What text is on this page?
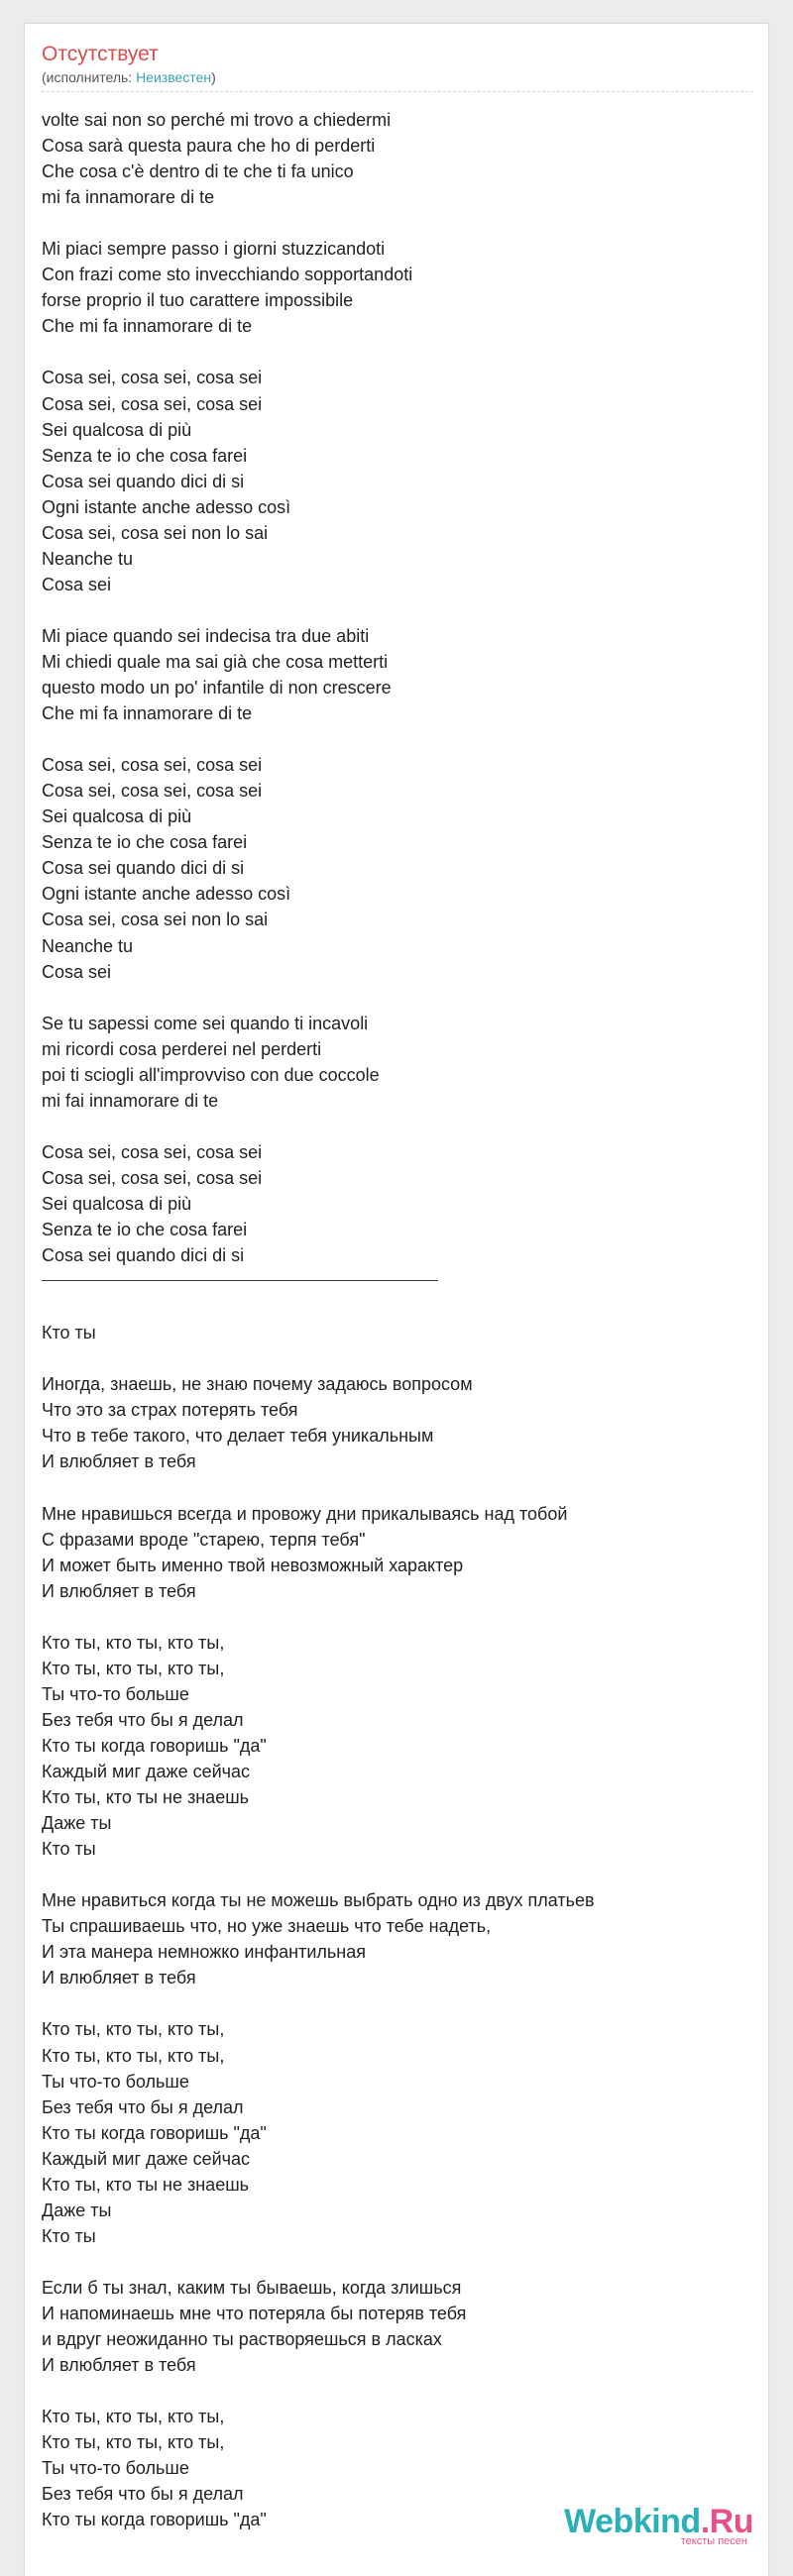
Отсутствует
(исполнитель: Неизвестен)
volte sai non so perché mi trovo a chiedermi
Cosa sarà questa paura che ho di perderti
Che cosa c'è dentro di te che ti fa unico
mi fa innamorare di te
Mi piaci sempre passo i giorni stuzzicandoti
Con frazi come sto invecchiando sopportandoti
forse proprio il tuo carattere impossibile
Che mi fa innamorare di te
Cosa sei, cosa sei, cosa sei
Cosa sei, cosa sei, cosa sei
Sei qualcosa di più
Senza te io che cosa farei
Cosa sei quando dici di si
Ogni istante anche adesso così
Cosa sei, cosa sei non lo sai
Neanche tu
Cosa sei
Mi piace quando sei indecisa tra due abiti
Mi chiedi quale ma sai già che cosa metterti
questo modo un po' infantile di non crescere
Che mi fa innamorare di te
Cosa sei, cosa sei, cosa sei
Cosa sei, cosa sei, cosa sei
Sei qualcosa di più
Senza te io che cosa farei
Cosa sei quando dici di si
Ogni istante anche adesso così
Cosa sei, cosa sei non lo sai
Neanche tu
Cosa sei
Se tu sapessi come sei quando ti incavoli
mi ricordi cosa perderei nel perderti
poi ti sciogli all'improvviso con due coccole
mi fai innamorare di te
Cosa sei, cosa sei, cosa sei
Cosa sei, cosa sei, cosa sei
Sei qualcosa di più
Senza te io che cosa farei
Cosa sei quando dici di si
Кто ты
Иногда, знаешь, не знаю почему задаюсь вопросом
Что это за страх потерять тебя
Что в тебе такого, что делает тебя уникальным
И влюбляет в тебя
Мне нравишься всегда и провожу дни прикалываясь над тобой
С фразами вроде "старею, терпя тебя"
И может быть именно твой невозможный характер
И влюбляет в тебя
Кто ты, кто ты, кто ты,
Кто ты, кто ты, кто ты,
Ты что-то больше
Без тебя что бы я делал
Кто ты когда говоришь "да"
Каждый миг даже сейчас
Кто ты, кто ты не знаешь
Даже ты
Кто ты
Мне нравиться когда ты не можешь выбрать одно из двух платьев
Ты спрашиваешь что, но уже знаешь что тебе надеть,
И эта манера немножко инфантильная
И влюбляет в тебя
Кто ты, кто ты, кто ты,
Кто ты, кто ты, кто ты,
Ты что-то больше
Без тебя что бы я делал
Кто ты когда говоришь "да"
Каждый миг даже сейчас
Кто ты, кто ты не знаешь
Даже ты
Кто ты
Если б ты знал, каким ты бываешь, когда злишься
И напоминаешь мне что потеряла бы потеряв тебя
и вдруг неожиданно ты растворяешься в ласках
И влюбляет в тебя
Кто ты, кто ты, кто ты,
Кто ты, кто ты, кто ты,
Ты что-то больше
Без тебя что бы я делал
Кто ты когда говоришь "да"	Webkind.Ru
тексты песен
